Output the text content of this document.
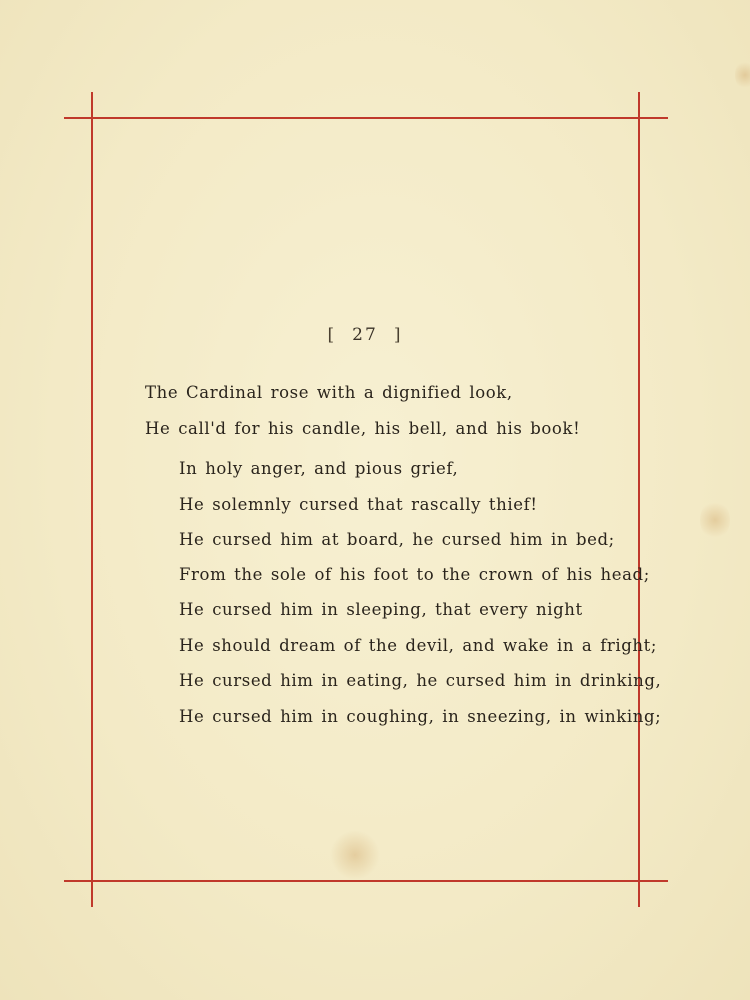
[ 27 ]
The Cardinal rose with a dignified look,
He call'd for his candle, his bell, and his book!
In holy anger, and pious grief,
He solemnly cursed that rascally thief!
He cursed him at board, he cursed him in bed;
From the sole of his foot to the crown of his head;
He cursed him in sleeping, that every night
He should dream of the devil, and wake in a fright;
He cursed him in eating, he cursed him in drinking,
He cursed him in coughing, in sneezing, in winking;
